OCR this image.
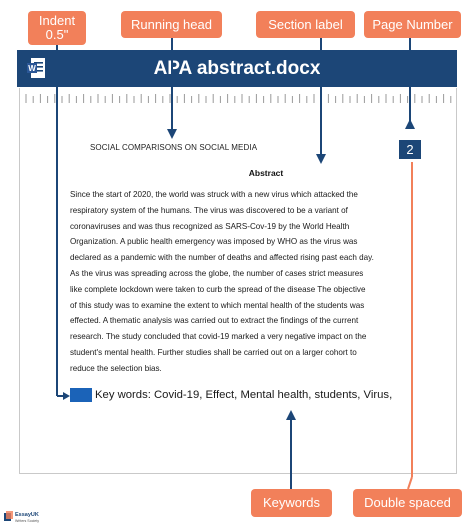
Indent
0.5"
Running head	Section label	Page Number
Keywords	Double spaced
W	APA abstract.docx
SOCIAL COMPARISONS ON SOCIAL MEDIA	2
Abstract
Since the start of 2020, the world was struck with a new virus which attacked the
respiratory system of the humans. The virus was discovered to be a variant of
coronaviruses and was thus recognized as SARS-Cov-19 by the World Health
Organization. A public health emergency was imposed by WHO as the virus was
declared as a pandemic with the number of deaths and affected rising past each day.
As the virus was spreading across the globe, the number of cases strict measures
like complete lockdown were taken to curb the spread of the disease The objective
of this study was to examine the extent to which mental health of the students was
effected. A thematic analysis was carried out to extract the findings of the current
research. The study concluded that covid-19 marked a very negative impact on the
student's mental health. Further studies shall be carried out on a larger cohort to
reduce the selection bias.
Key words: Covid-19, Effect, Mental health, students, Virus,
EssayUK
Writers Society
